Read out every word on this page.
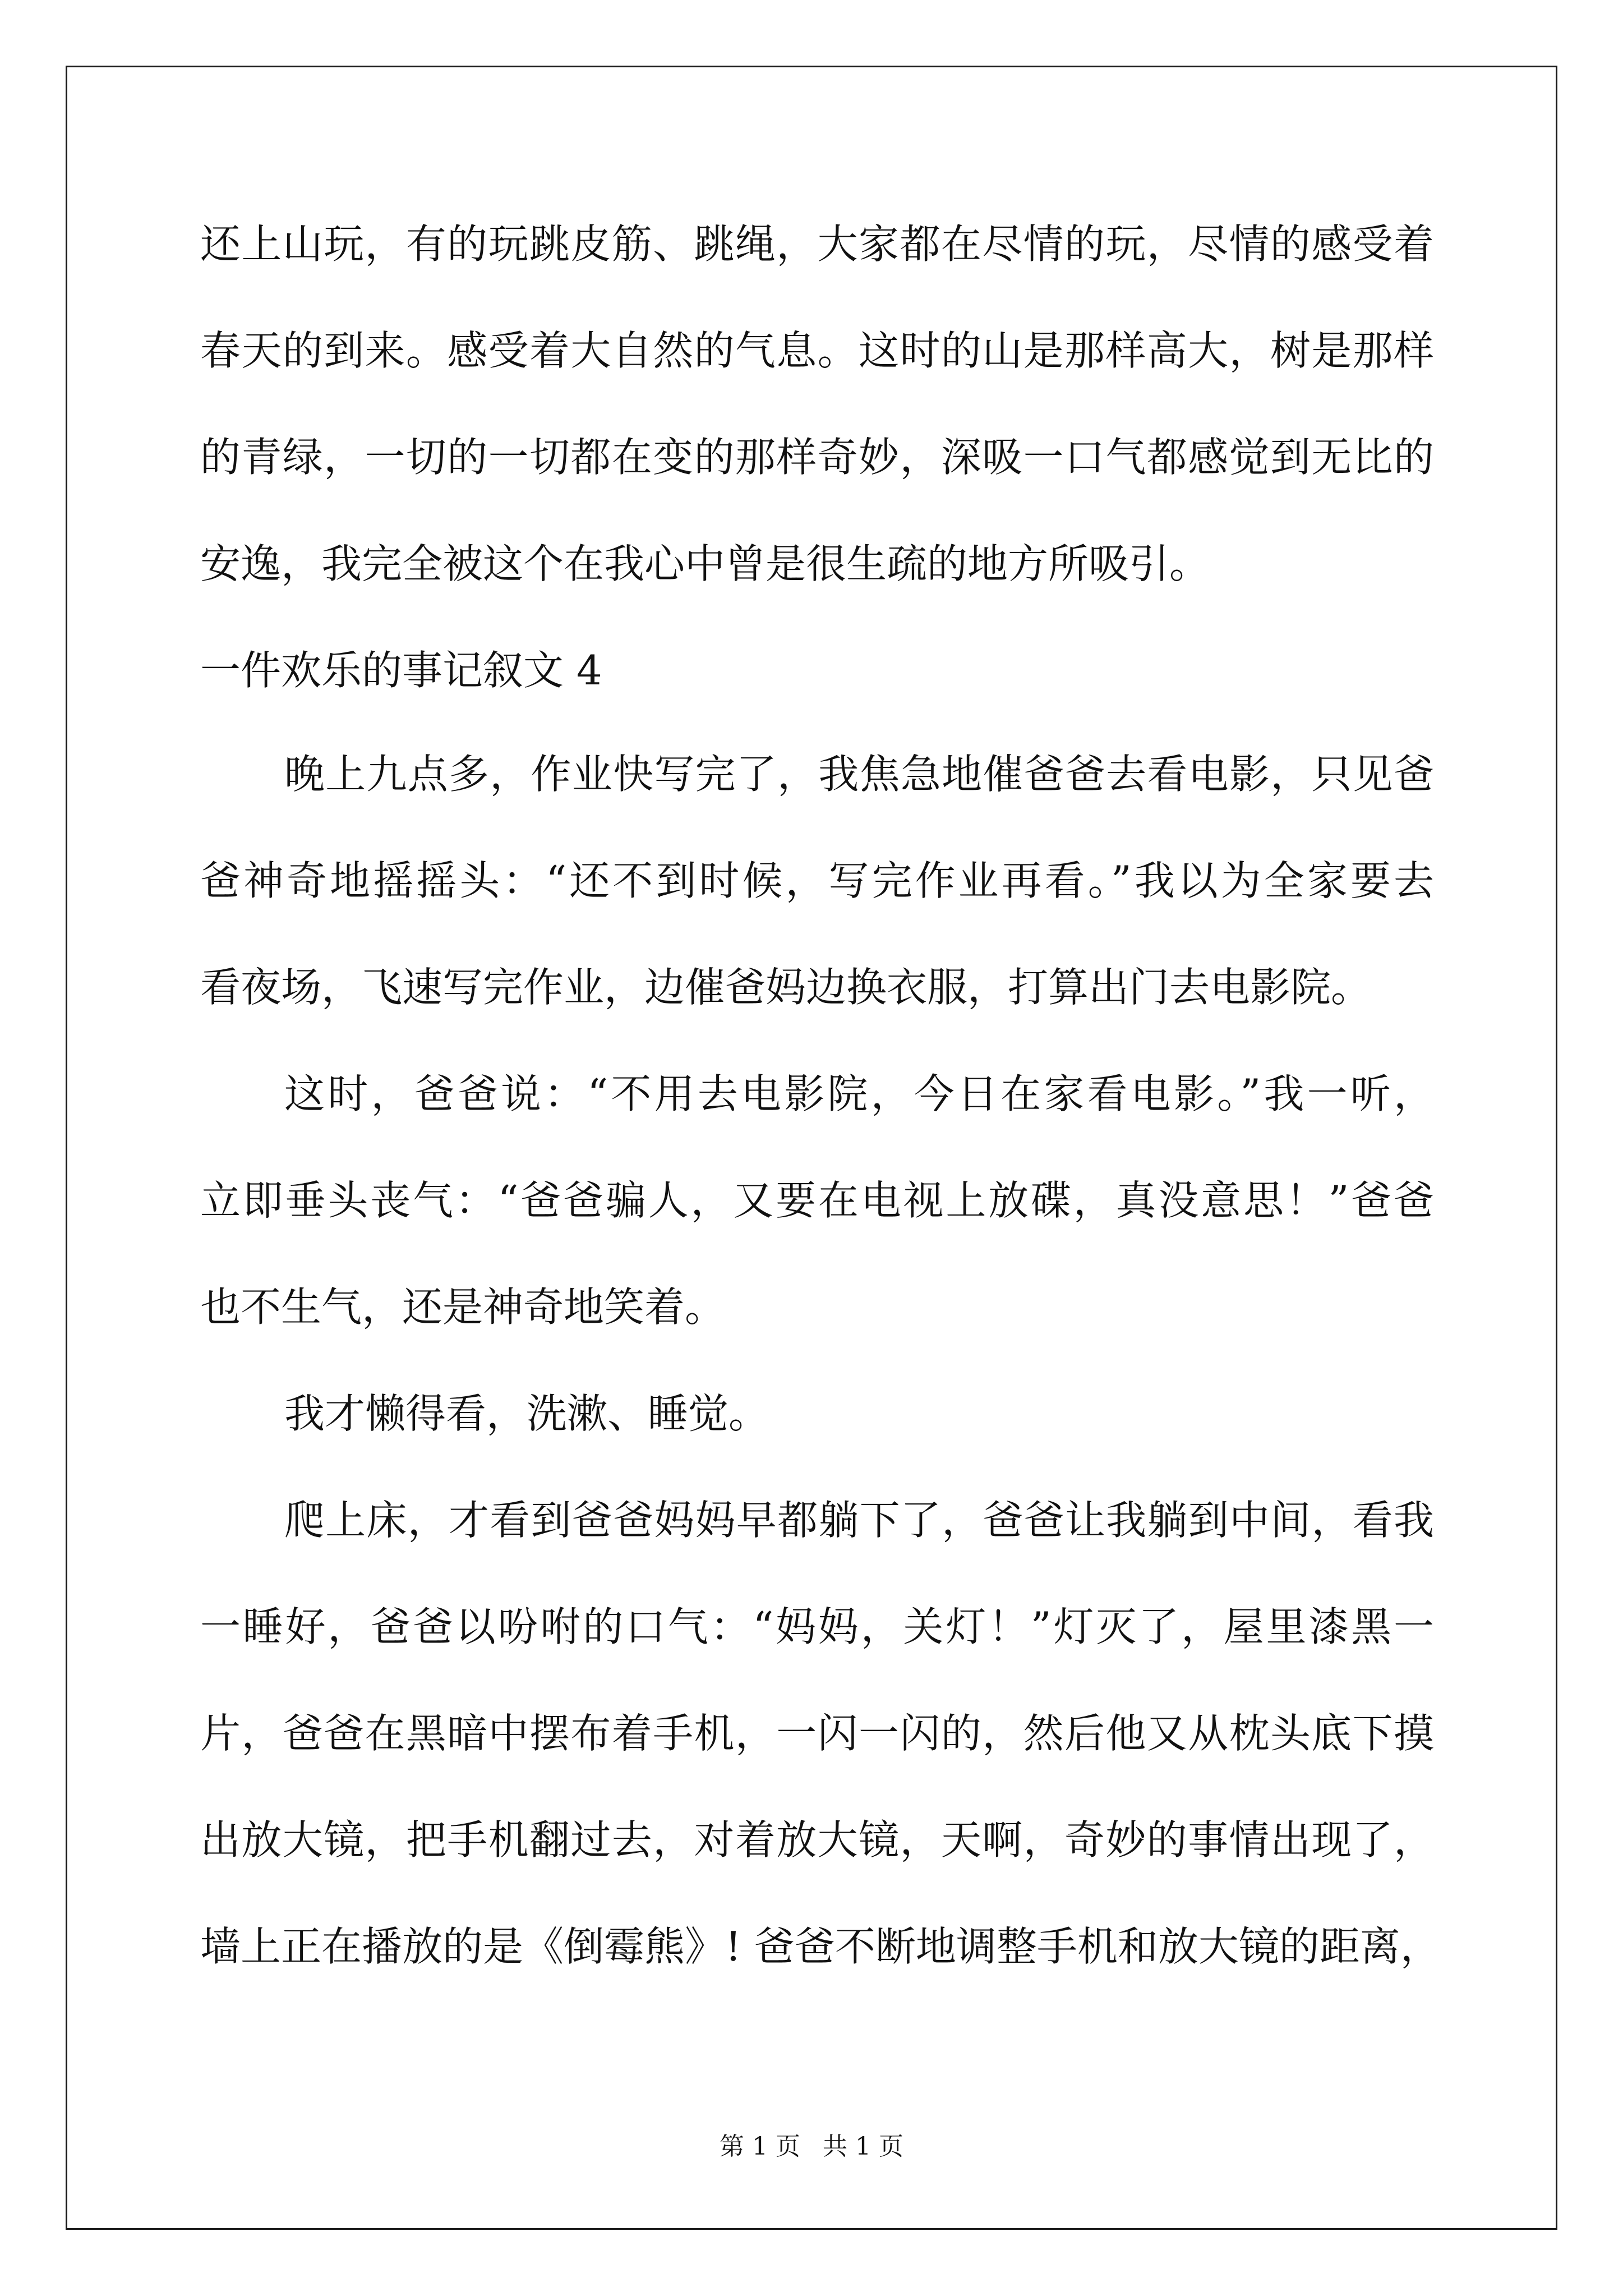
还上山玩，有的玩跳皮筋、跳绳，大家都在尽情的玩，尽情的感受着
春天的到来。感受着大自然的气息。这时的山是那样高大，树是那样
的青绿，一切的一切都在变的那样奇妙，深吸一口气都感觉到无比的
安逸，我完全被这个在我心中曾是很生疏的地方所吸引。
一件欢乐的事记叙文 4
晚上九点多，作业快写完了，我焦急地催爸爸去看电影，只见爸
爸神奇地摇摇头：“还不到时候，写完作业再看。”我以为全家要去
看夜场，飞速写完作业，边催爸妈边换衣服，打算出门去电影院。
这时，爸爸说：“不用去电影院，今日在家看电影。”我一听，
立即垂头丧气：“爸爸骗人，又要在电视上放碟，真没意思！”爸爸
也不生气，还是神奇地笑着。
我才懒得看，洗漱、睡觉。
爬上床，才看到爸爸妈妈早都躺下了，爸爸让我躺到中间，看我
一睡好，爸爸以吩咐的口气：“妈妈，关灯！”灯灭了，屋里漆黑一
片，爸爸在黑暗中摆布着手机，一闪一闪的，然后他又从枕头底下摸
出放大镜，把手机翻过去，对着放大镜，天啊，奇妙的事情出现了，
墙上正在播放的是《倒霉熊》! 爸爸不断地调整手机和放大镜的距离，
第 1 页 共 1 页
